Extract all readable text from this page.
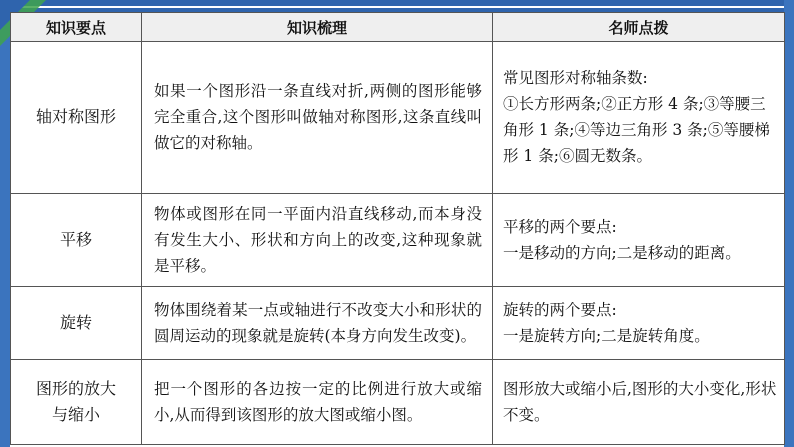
知识要点	知识梳理	名师点拨
轴对称图形	如果一个图形沿一条直线对折,两侧的图形能够完全重合,这个图形叫做轴对称图形,这条直线叫做它的对称轴。	常见图形对称轴条数:
①长方形两条;②正方形 4 条;③等腰三角形 1 条;④等边三角形 3 条;⑤等腰梯形 1 条;⑥圆无数条。

平移	物体或图形在同一平面内沿直线移动,而本身没有发生大小、形状和方向上的改变,这种现象就是平移。	平移的两个要点:
一是移动的方向;二是移动的距离。

旋转	物体围绕着某一点或轴进行不改变大小和形状的圆周运动的现象就是旋转(本身方向发生改变)。	旋转的两个要点:
一是旋转方向;二是旋转角度。

图形的放大与缩小	把一个图形的各边按一定的比例进行放大或缩小,从而得到该图形的放大图或缩小图。	图形放大或缩小后,图形的大小变化,形状不变。
